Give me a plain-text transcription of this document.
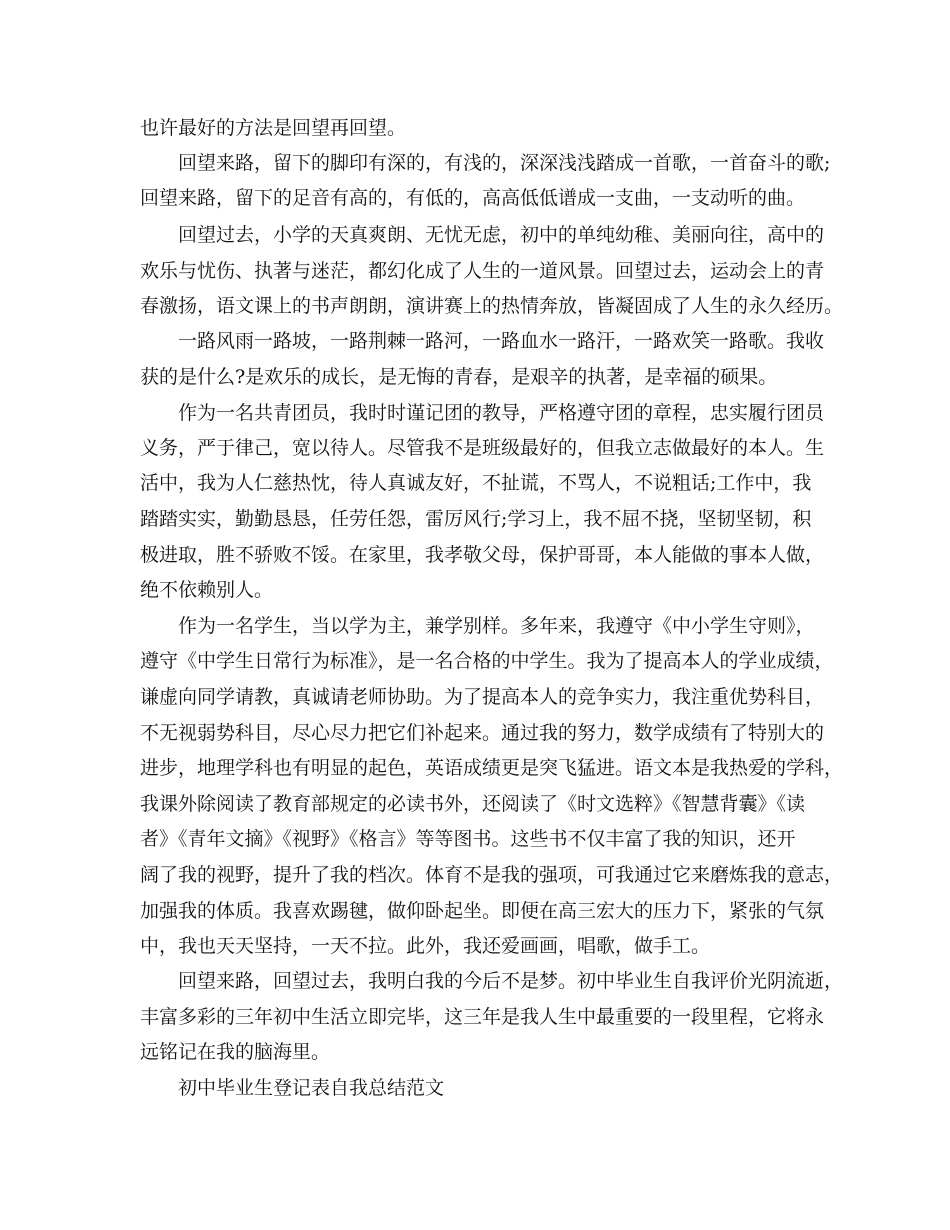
也许最好的方法是回望再回望。
回望来路，留下的脚印有深的，有浅的，深深浅浅踏成一首歌，一首奋斗的歌;
回望来路，留下的足音有高的，有低的，高高低低谱成一支曲，一支动听的曲。
回望过去，小学的天真爽朗、无忧无虑，初中的单纯幼稚、美丽向往，高中的
欢乐与忧伤、执著与迷茫，都幻化成了人生的一道风景。回望过去，运动会上的青
春激扬，语文课上的书声朗朗，演讲赛上的热情奔放，皆凝固成了人生的永久经历。
一路风雨一路坡，一路荆棘一路河，一路血水一路汗，一路欢笑一路歌。我收
获的是什么?是欢乐的成长，是无悔的青春，是艰辛的执著，是幸福的硕果。
作为一名共青团员，我时时谨记团的教导，严格遵守团的章程，忠实履行团员
义务，严于律己，宽以待人。尽管我不是班级最好的，但我立志做最好的本人。生
活中，我为人仁慈热忱，待人真诚友好，不扯谎，不骂人，不说粗话;工作中，我
踏踏实实，勤勤恳恳，任劳任怨，雷厉风行;学习上，我不屈不挠，坚韧坚韧，积
极进取，胜不骄败不馁。在家里，我孝敬父母，保护哥哥，本人能做的事本人做，
绝不依赖别人。
作为一名学生，当以学为主，兼学别样。多年来，我遵守《中小学生守则》，
遵守《中学生日常行为标准》，是一名合格的中学生。我为了提高本人的学业成绩，
谦虚向同学请教，真诚请老师协助。为了提高本人的竞争实力，我注重优势科目，
不无视弱势科目，尽心尽力把它们补起来。通过我的努力，数学成绩有了特别大的
进步，地理学科也有明显的起色，英语成绩更是突飞猛进。语文本是我热爱的学科，
我课外除阅读了教育部规定的必读书外，还阅读了《时文选粹》《智慧背囊》《读
者》《青年文摘》《视野》《格言》等等图书。这些书不仅丰富了我的知识，还开
阔了我的视野，提升了我的档次。体育不是我的强项，可我通过它来磨炼我的意志，
加强我的体质。我喜欢踢毽，做仰卧起坐。即便在高三宏大的压力下，紧张的气氛
中，我也天天坚持，一天不拉。此外，我还爱画画，唱歌，做手工。
回望来路，回望过去，我明白我的今后不是梦。初中毕业生自我评价光阴流逝，
丰富多彩的三年初中生活立即完毕，这三年是我人生中最重要的一段里程，它将永
远铭记在我的脑海里。
初中毕业生登记表自我总结范文
